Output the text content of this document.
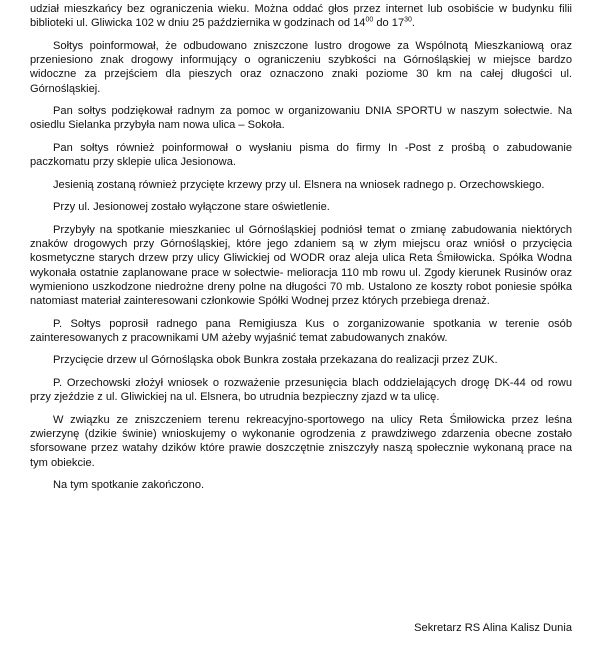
udział mieszkańcy bez ograniczenia wieku. Można oddać głos przez internet lub osobiście w budynku filii biblioteki ul. Gliwicka 102 w dniu 25 października w godzinach od $14^{00}$ do $17^{30}$.

Sołtys poinformował, że odbudowano zniszczone lustro drogowe za Wspólnotą Mieszkaniową oraz przeniesiono znak drogowy informujący o ograniczeniu szybkości na Górnośląskiej w miejsce bardzo widoczne za przejściem dla pieszych oraz oznaczono znaki poziome 30 km na całej długości ul. Górnośląskiej.

Pan sołtys podziękował radnym za pomoc w organizowaniu DNIA SPORTU w naszym sołectwie. Na osiedlu Sielanka przybyła nam nowa ulica – Sokoła.

Pan sołtys również poinformował o wysłaniu pisma do firmy In -Post z prośbą o zabudowanie paczkomatu przy sklepie ulica Jesionowa.

Jesienią zostaną również przycięte krzewy przy ul. Elsnera na wniosek radnego p. Orzechowskiego.

Przy ul. Jesionowej zostało wyłączone stare oświetlenie.

Przybyły na spotkanie mieszkaniec ul Górnośląskiej podniósł temat o zmianę zabudowania niektórych znaków drogowych przy Górnośląskiej, które jego zdaniem są w złym miejscu oraz wniósł o przycięcia kosmetyczne starych drzew przy ulicy Gliwickiej od WODR oraz aleja ulica Reta Śmiłowicka. Spółka Wodna wykonała ostatnie zaplanowane prace w sołectwie- melioracja 110 mb rowu ul. Zgody kierunek Rusinów oraz wymieniono uszkodzone niedrożne dreny polne na długości 70 mb. Ustalono ze koszty robot poniesie spółka natomiast materiał zainteresowani członkowie Spółki Wodnej przez których przebiega drenaż.

P. Sołtys poprosił radnego pana Remigiusza Kus o zorganizowanie spotkania w terenie osób zainteresowanych z pracownikami UM ażeby wyjaśnić temat zabudowanych znaków.

Przycięcie drzew ul Górnośląska obok Bunkra została przekazana do realizacji przez ZUK.

P. Orzechowski złożył wniosek o rozważenie przesunięcia blach oddzielających drogę DK-44 od rowu przy zjeździe z ul. Gliwickiej na ul. Elsnera, bo utrudnia bezpieczny zjazd w ta ulicę.

W związku ze zniszczeniem terenu rekreacyjno-sportowego na ulicy Reta Śmiłowicka przez leśna zwierzynę (dzikie świnie) wnioskujemy o wykonanie ogrodzenia z prawdziwego zdarzenia obecne zostało sforsowane przez watahy dzików które prawie doszczętnie zniszczyły naszą społecznie wykonaną prace na tym obiekcie.

Na tym spotkanie zakończono.

Sekretarz RS Alina Kalisz Dunia
